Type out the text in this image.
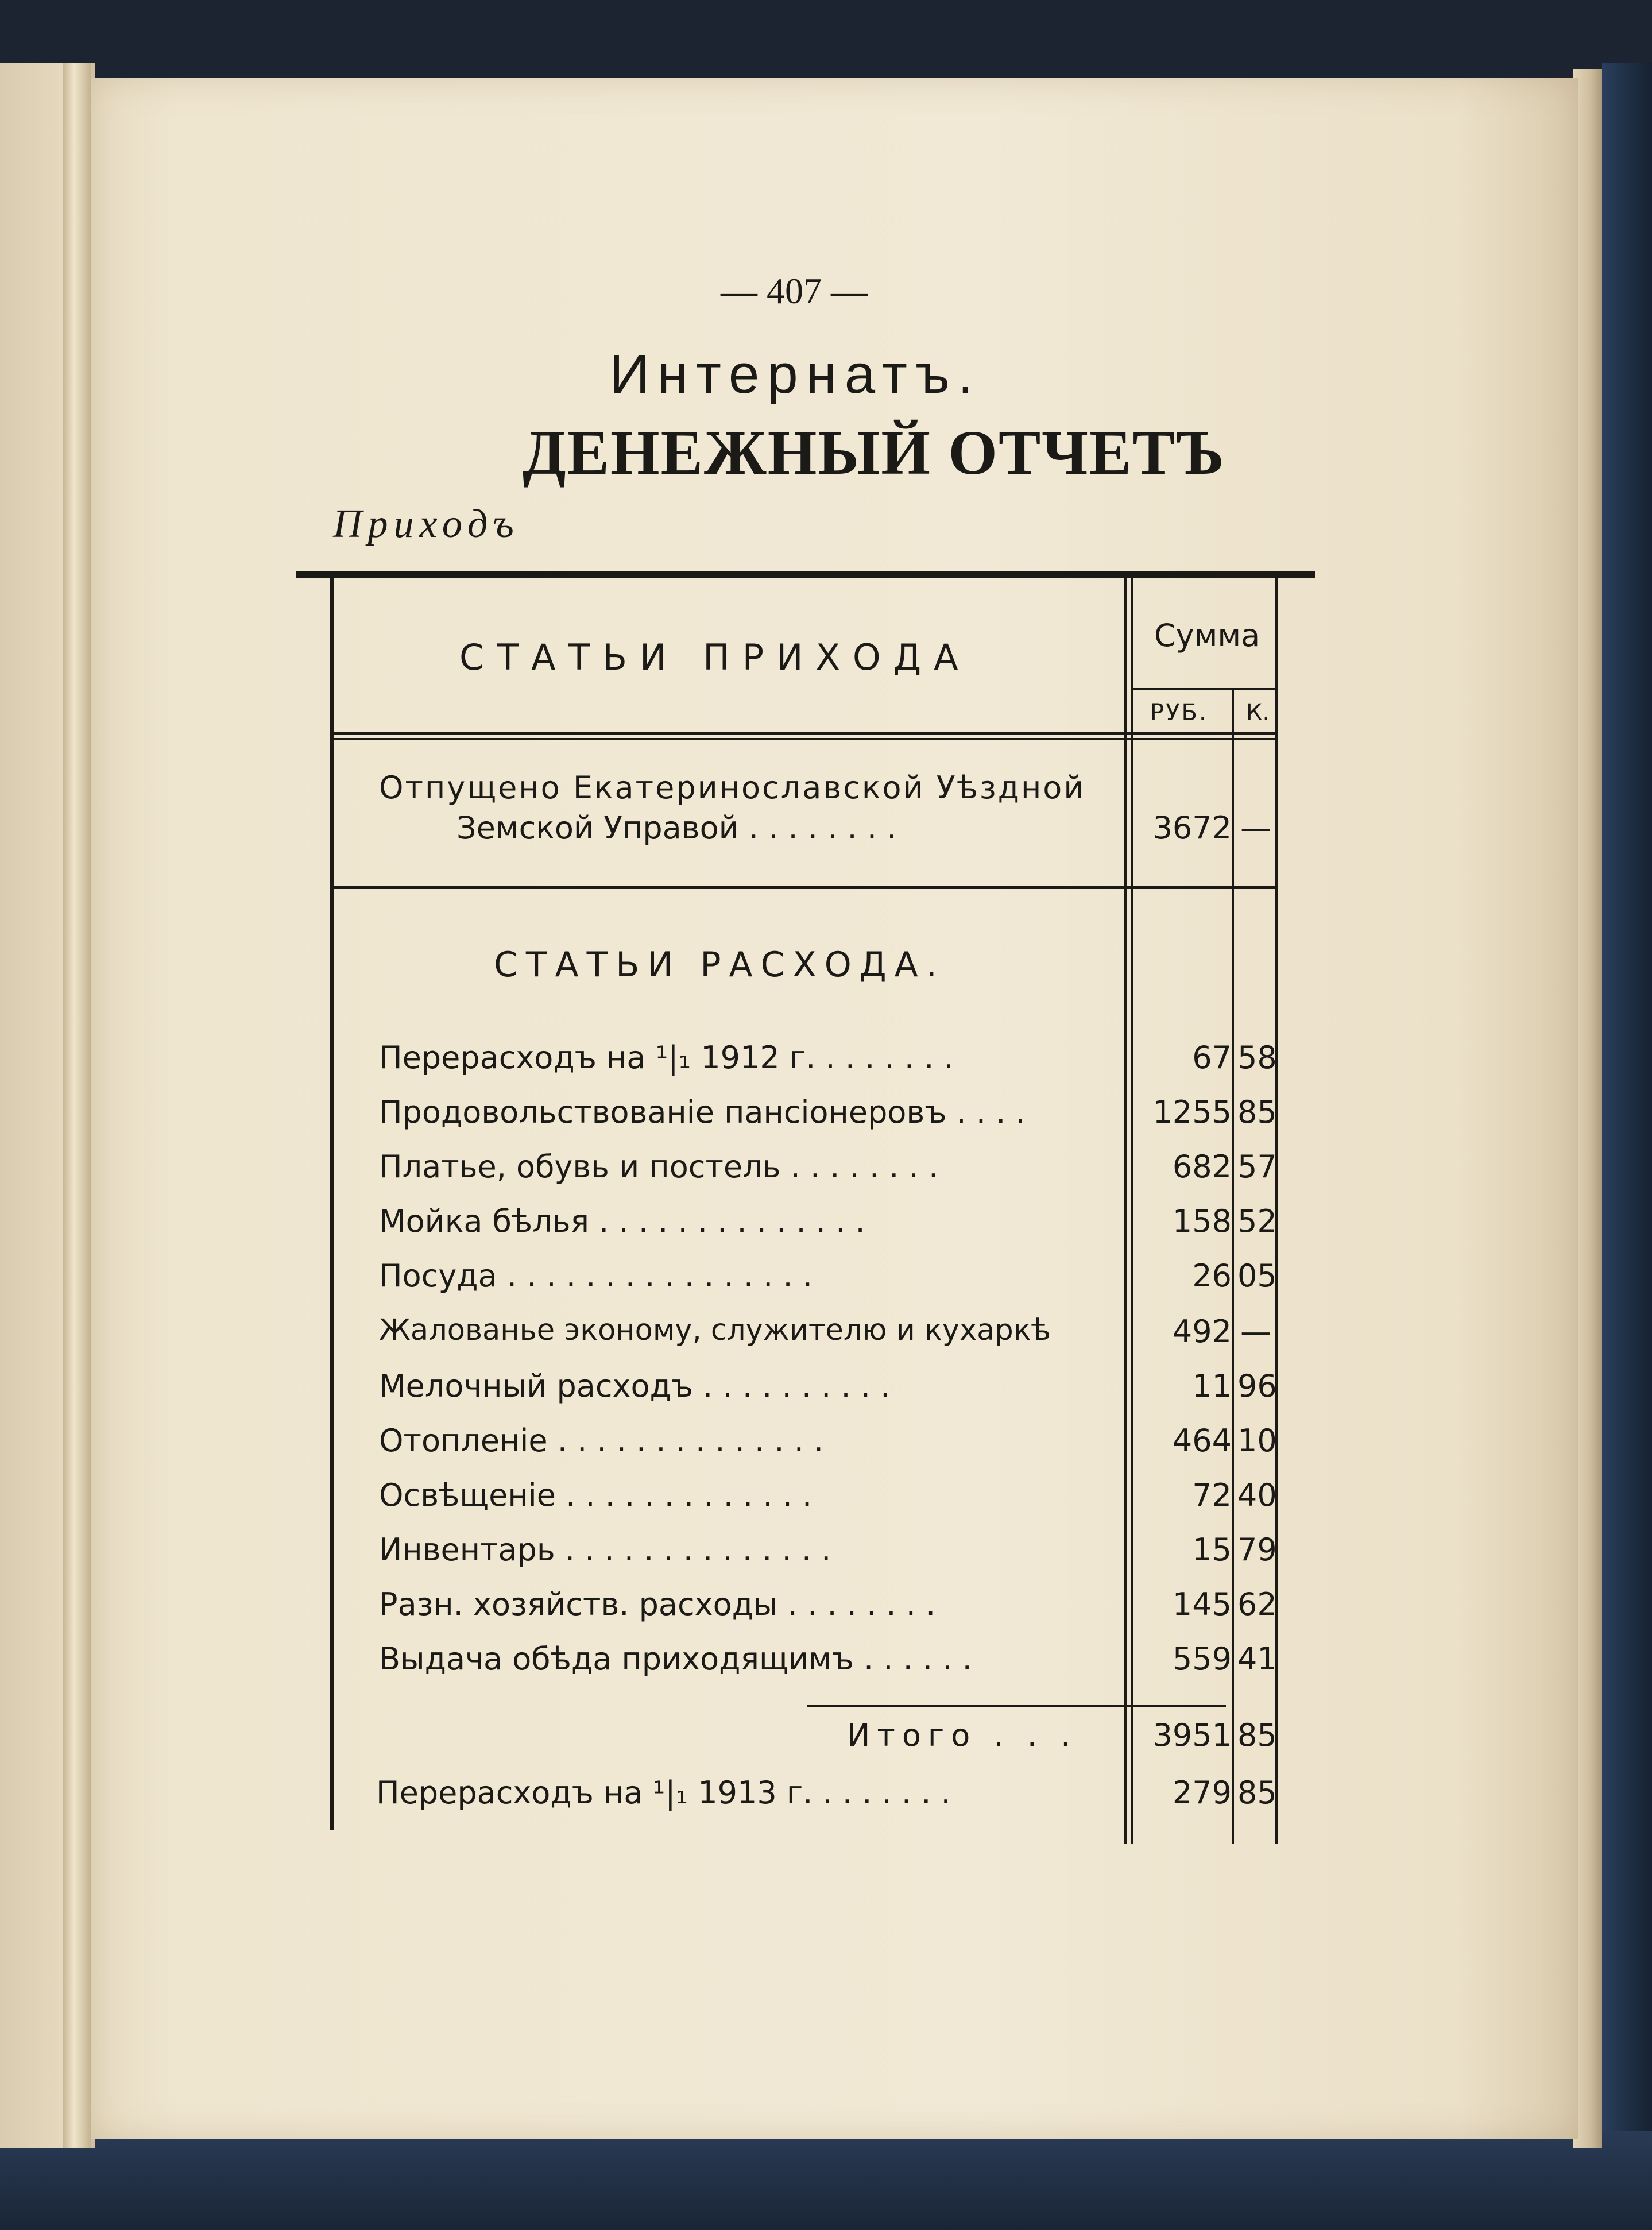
— 407 —
Интернатъ.
ДЕНЕЖНЫЙ ОТЧЕТЪ
Приходъ
СТАТЬИ ПРИХОДА
Сумма
РУБ. К.
Отпущено Екатеринославской Уѣздной
Земской Управой . . . . . . . .	3672 —
СТАТЬИ РАСХОДА.
Перерасходъ на ¹|₁ 1912 г. . . . . . . .	67 58
Продовольствованіе пансіонеровъ . . . .	1255 85
Платье, обувь и постель . . . . . . . .	682 57
Мойка бѣлья . . . . . . . . . . . . . .	158 52
Посуда . . . . . . . . . . . . . . . .	26 05
Жалованье эконому, служителю и кухаркѣ	492 —
Мелочный расходъ . . . . . . . . . .	11 96
Отопленіе . . . . . . . . . . . . . .	464 10
Освѣщеніе . . . . . . . . . . . . .	72 40
Инвентарь . . . . . . . . . . . . . .	15 79
Разн. хозяйств. расходы . . . . . . . .	145 62
Выдача обѣда приходящимъ . . . . . .	559 41
Итого . . .	3951 85
Перерасходъ на ¹|₁ 1913 г. . . . . . . .	279 85
